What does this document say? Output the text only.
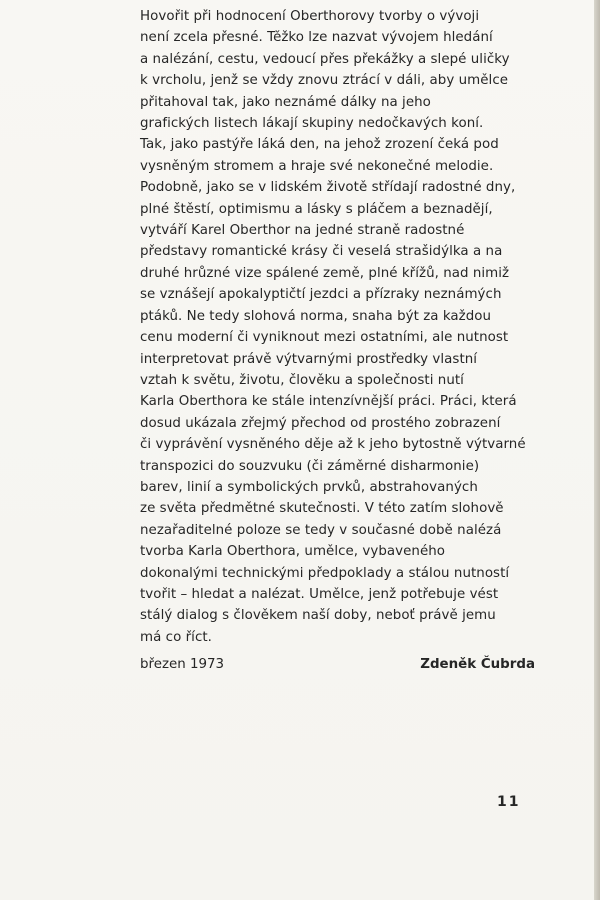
Hovořit při hodnocení Oberthorovy tvorby o vývoji
není zcela přesné. Těžko lze nazvat vývojem hledání
a nalézání, cestu, vedoucí přes překážky a slepé uličky
k vrcholu, jenž se vždy znovu ztrácí v dáli, aby umělce
přitahoval tak, jako neznámé dálky na jeho
grafických listech lákají skupiny nedočkavých koní.
Tak, jako pastýře láká den, na jehož zrození čeká pod
vysněným stromem a hraje své nekonečné melodie.
Podobně, jako se v lidském životě střídají radostné dny,
plné štěstí, optimismu a lásky s pláčem a beznadějí,
vytváří Karel Oberthor na jedné straně radostné
představy romantické krásy či veselá strašidýlka a na
druhé hrůzné vize spálené země, plné křížů, nad nimiž
se vznášejí apokalyptičtí jezdci a přízraky neznámých
ptáků. Ne tedy slohová norma, snaha být za každou
cenu moderní či vyniknout mezi ostatními, ale nutnost
interpretovat právě výtvarnými prostředky vlastní
vztah k světu, životu, člověku a společnosti nutí
Karla Oberthora ke stále intenzívnější práci. Práci, která
dosud ukázala zřejmý přechod od prostého zobrazení
či vyprávění vysněného děje až k jeho bytostně výtvarné
transpozici do souzvuku (či záměrné disharmonie)
barev, linií a symbolických prvků, abstrahovaných
ze světa předmětné skutečnosti. V této zatím slohově
nezařaditelné poloze se tedy v současné době nalézá
tvorba Karla Oberthora, umělce, vybaveného
dokonalými technickými předpoklady a stálou nutností
tvořit – hledat a nalézat. Umělce, jenž potřebuje vést
stálý dialog s člověkem naší doby, neboť právě jemu
má co říct.
březen 1973	Zdeněk Čubrda
11
